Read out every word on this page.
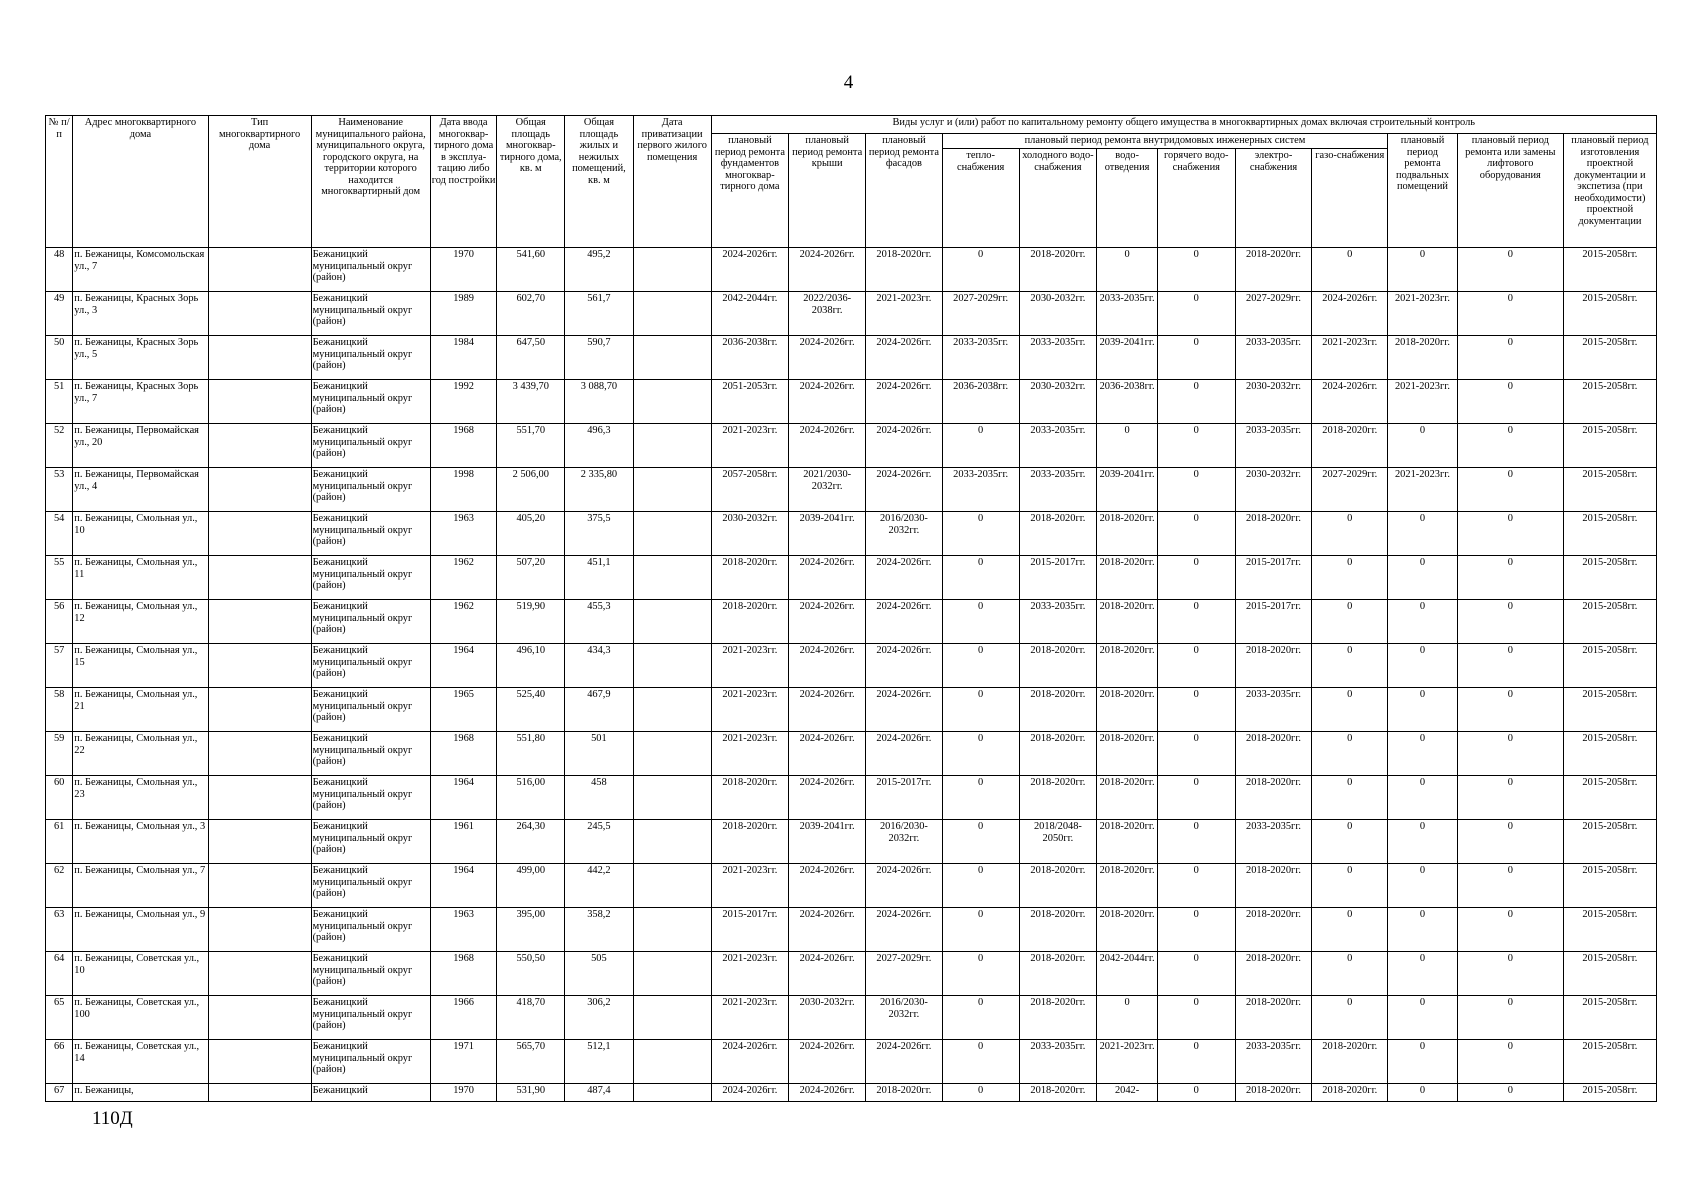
4
№ п/п	Адрес многоквартирного дома	Тип многоквартирного дома	Наименование муниципального района, муниципального округа, городского округа, на территории которого находится многоквартирный дом	Дата ввода многоквар-тирного дома в эксплуа-тацию либо год постройки	Общая площадь многоквар-тирного дома, кв. м	Общая площадь жилых и нежилых помещений, кв. м	Дата приватизации первого жилого помещения	Виды услуг и (или) работ по капитальному ремонту общего имущества в многоквартирных домах включая строительный контроль											
								плановый период ремонта фундаментов многоквар-тирного дома	плановый период ремонта крыши	плановый период ремонта фасадов	плановый период ремонта внутридомовых инженерных систем						плановый период ремонта подвальных помещений	плановый период ремонта или замены лифтового оборудования	плановый период изготовления проектной документации и экспетиза (при необходимости) проектной документации
											тепло-снабжения	холодного водо-снабжения	водо-отведения	горячего водо-снабжения	электро-снабжения	газо-снабжения			
48	п. Бежаницы, Комсомольская ул., 7		Бежаницкий муниципальный округ (район)	1970	541,60	495,2		2024-2026гг.	2024-2026гг.	2018-2020гг.	0	2018-2020гг.	0	0	2018-2020гг.	0	0	0	2015-2058гг.
49	п. Бежаницы, Красных Зорь ул., 3		Бежаницкий муниципальный округ (район)	1989	602,70	561,7		2042-2044гг.	2022/2036-2038гг.	2021-2023гг.	2027-2029гг.	2030-2032гг.	2033-2035гг.	0	2027-2029гг.	2024-2026гг.	2021-2023гг.	0	2015-2058гг.
50	п. Бежаницы, Красных Зорь ул., 5		Бежаницкий муниципальный округ (район)	1984	647,50	590,7		2036-2038гг.	2024-2026гг.	2024-2026гг.	2033-2035гг.	2033-2035гг.	2039-2041гг.	0	2033-2035гг.	2021-2023гг.	2018-2020гг.	0	2015-2058гг.
51	п. Бежаницы, Красных Зорь ул., 7		Бежаницкий муниципальный округ (район)	1992	3 439,70	3 088,70		2051-2053гг.	2024-2026гг.	2024-2026гг.	2036-2038гг.	2030-2032гг.	2036-2038гг.	0	2030-2032гг.	2024-2026гг.	2021-2023гг.	0	2015-2058гг.
52	п. Бежаницы, Первомайская ул., 20		Бежаницкий муниципальный округ (район)	1968	551,70	496,3		2021-2023гг.	2024-2026гг.	2024-2026гг.	0	2033-2035гг.	0	0	2033-2035гг.	2018-2020гг.	0	0	2015-2058гг.
53	п. Бежаницы, Первомайская ул., 4		Бежаницкий муниципальный округ (район)	1998	2 506,00	2 335,80		2057-2058гг.	2021/2030-2032гг.	2024-2026гг.	2033-2035гг.	2033-2035гг.	2039-2041гг.	0	2030-2032гг.	2027-2029гг.	2021-2023гг.	0	2015-2058гг.
54	п. Бежаницы, Смольная ул., 10		Бежаницкий муниципальный округ (район)	1963	405,20	375,5		2030-2032гг.	2039-2041гг.	2016/2030-2032гг.	0	2018-2020гг.	2018-2020гг.	0	2018-2020гг.	0	0	0	2015-2058гг.
55	п. Бежаницы, Смольная ул., 11		Бежаницкий муниципальный округ (район)	1962	507,20	451,1		2018-2020гг.	2024-2026гг.	2024-2026гг.	0	2015-2017гг.	2018-2020гг.	0	2015-2017гг.	0	0	0	2015-2058гг.
56	п. Бежаницы, Смольная ул., 12		Бежаницкий муниципальный округ (район)	1962	519,90	455,3		2018-2020гг.	2024-2026гг.	2024-2026гг.	0	2033-2035гг.	2018-2020гг.	0	2015-2017гг.	0	0	0	2015-2058гг.
57	п. Бежаницы, Смольная ул., 15		Бежаницкий муниципальный округ (район)	1964	496,10	434,3		2021-2023гг.	2024-2026гг.	2024-2026гг.	0	2018-2020гг.	2018-2020гг.	0	2018-2020гг.	0	0	0	2015-2058гг.
58	п. Бежаницы, Смольная ул., 21		Бежаницкий муниципальный округ (район)	1965	525,40	467,9		2021-2023гг.	2024-2026гг.	2024-2026гг.	0	2018-2020гг.	2018-2020гг.	0	2033-2035гг.	0	0	0	2015-2058гг.
59	п. Бежаницы, Смольная ул., 22		Бежаницкий муниципальный округ (район)	1968	551,80	501		2021-2023гг.	2024-2026гг.	2024-2026гг.	0	2018-2020гг.	2018-2020гг.	0	2018-2020гг.	0	0	0	2015-2058гг.
60	п. Бежаницы, Смольная ул., 23		Бежаницкий муниципальный округ (район)	1964	516,00	458		2018-2020гг.	2024-2026гг.	2015-2017гг.	0	2018-2020гг.	2018-2020гг.	0	2018-2020гг.	0	0	0	2015-2058гг.
61	п. Бежаницы, Смольная ул., 3		Бежаницкий муниципальный округ (район)	1961	264,30	245,5		2018-2020гг.	2039-2041гг.	2016/2030-2032гг.	0	2018/2048-2050гг.	2018-2020гг.	0	2033-2035гг.	0	0	0	2015-2058гг.
62	п. Бежаницы, Смольная ул., 7		Бежаницкий муниципальный округ (район)	1964	499,00	442,2		2021-2023гг.	2024-2026гг.	2024-2026гг.	0	2018-2020гг.	2018-2020гг.	0	2018-2020гг.	0	0	0	2015-2058гг.
63	п. Бежаницы, Смольная ул., 9		Бежаницкий муниципальный округ (район)	1963	395,00	358,2		2015-2017гг.	2024-2026гг.	2024-2026гг.	0	2018-2020гг.	2018-2020гг.	0	2018-2020гг.	0	0	0	2015-2058гг.
64	п. Бежаницы, Советская ул., 10		Бежаницкий муниципальный округ (район)	1968	550,50	505		2021-2023гг.	2024-2026гг.	2027-2029гг.	0	2018-2020гг.	2042-2044гг.	0	2018-2020гг.	0	0	0	2015-2058гг.
65	п. Бежаницы, Советская ул., 100		Бежаницкий муниципальный округ (район)	1966	418,70	306,2		2021-2023гг.	2030-2032гг.	2016/2030-2032гг.	0	2018-2020гг.	0	0	2018-2020гг.	0	0	0	2015-2058гг.
66	п. Бежаницы, Советская ул., 14		Бежаницкий муниципальный округ (район)	1971	565,70	512,1		2024-2026гг.	2024-2026гг.	2024-2026гг.	0	2033-2035гг.	2021-2023гг.	0	2033-2035гг.	2018-2020гг.	0	0	2015-2058гг.
67	п. Бежаницы,		Бежаницкий	1970	531,90	487,4		2024-2026гг.	2024-2026гг.	2018-2020гг.	0	2018-2020гг.	2042-	0	2018-2020гг.	2018-2020гг.	0	0	2015-2058гг.
110Д
